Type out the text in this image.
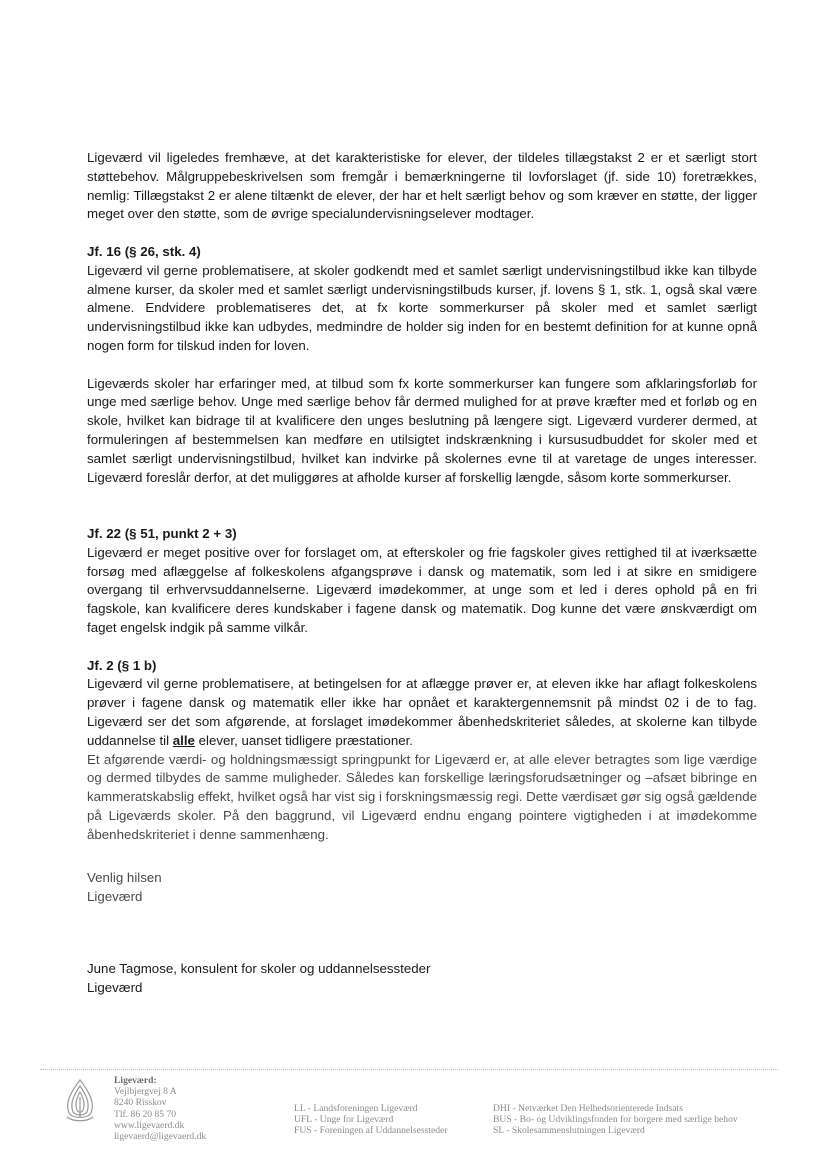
Ligeværd vil ligeledes fremhæve, at det karakteristiske for elever, der tildeles tillægstakst 2 er et særligt stort støttebehov. Målgruppebeskrivelsen som fremgår i bemærkningerne til lovforslaget (jf. side 10) foretrækkes, nemlig: Tillægstakst 2 er alene tiltænkt de elever, der har et helt særligt behov og som kræver en støtte, der ligger meget over den støtte, som de øvrige specialundervisningselever modtager.

Jf. 16 (§ 26, stk. 4)

Ligeværd vil gerne problematisere, at skoler godkendt med et samlet særligt undervisningstilbud ikke kan tilbyde almene kurser, da skoler med et samlet særligt undervisningstilbuds kurser, jf. lovens § 1, stk. 1, også skal være almene. Endvidere problematiseres det, at fx korte sommerkurser på skoler med et samlet særligt undervisningstilbud ikke kan udbydes, medmindre de holder sig inden for en bestemt definition for at kunne opnå nogen form for tilskud inden for loven.

Ligeværds skoler har erfaringer med, at tilbud som fx korte sommerkurser kan fungere som afklaringsforløb for unge med særlige behov. Unge med særlige behov får dermed mulighed for at prøve kræfter med et forløb og en skole, hvilket kan bidrage til at kvalificere den unges beslutning på længere sigt. Ligeværd vurderer dermed, at formuleringen af bestemmelsen kan medføre en utilsigtet indskrænkning i kursusudbuddet for skoler med et samlet særligt undervisningstilbud, hvilket kan indvirke på skolernes evne til at varetage de unges interesser. Ligeværd foreslår derfor, at det muliggøres at afholde kurser af forskellig længde, såsom korte sommerkurser.

Jf. 22 (§ 51, punkt 2 + 3)

Ligeværd er meget positive over for forslaget om, at efterskoler og frie fagskoler gives rettighed til at iværksætte forsøg med aflæggelse af folkeskolens afgangsprøve i dansk og matematik, som led i at sikre en smidigere overgang til erhvervsuddannelserne. Ligeværd imødekommer, at unge som et led i deres ophold på en fri fagskole, kan kvalificere deres kundskaber i fagene dansk og matematik. Dog kunne det være ønskværdigt om faget engelsk indgik på samme vilkår.

Jf. 2 (§ 1 b)

Ligeværd vil gerne problematisere, at betingelsen for at aflægge prøver er, at eleven ikke har aflagt folkeskolens prøver i fagene dansk og matematik eller ikke har opnået et karaktergennemsnit på mindst 02 i de to fag. Ligeværd ser det som afgørende, at forslaget imødekommer åbenhedskriteriet således, at skolerne kan tilbyde uddannelse til alle elever, uanset tidligere præstationer.

Et afgørende værdi- og holdningsmæssigt springpunkt for Ligeværd er, at alle elever betragtes som lige værdige og dermed tilbydes de samme muligheder. Således kan forskellige læringsforudsætninger og –afsæt bibringe en kammeratskabslig effekt, hvilket også har vist sig i forskningsmæssig regi. Dette værdisæt gør sig også gældende på Ligeværds skoler. På den baggrund, vil Ligeværd endnu engang pointere vigtigheden i at imødekomme åbenhedskriteriet i denne sammenhæng.

Venlig hilsen
Ligeværd
June Tagmose, konsulent for skoler og uddannelsessteder
Ligeværd
Ligeværd:
Vejlbjergvej 8 A
8240 Risskov
Tlf. 86 20 85 70
www.ligevaerd.dk
ligevaerd@ligevaerd.dk
LL - Landsforeningen Ligeværd
UFL - Unge for Ligeværd
FUS - Foreningen af Uddannelsessteder
DHI - Netværket Den Helhedsorienterede Indsats
BUS - Bo- og Udviklingsfonden for borgere med særlige behov
SL - Skolesammenslutningen Ligeværd
